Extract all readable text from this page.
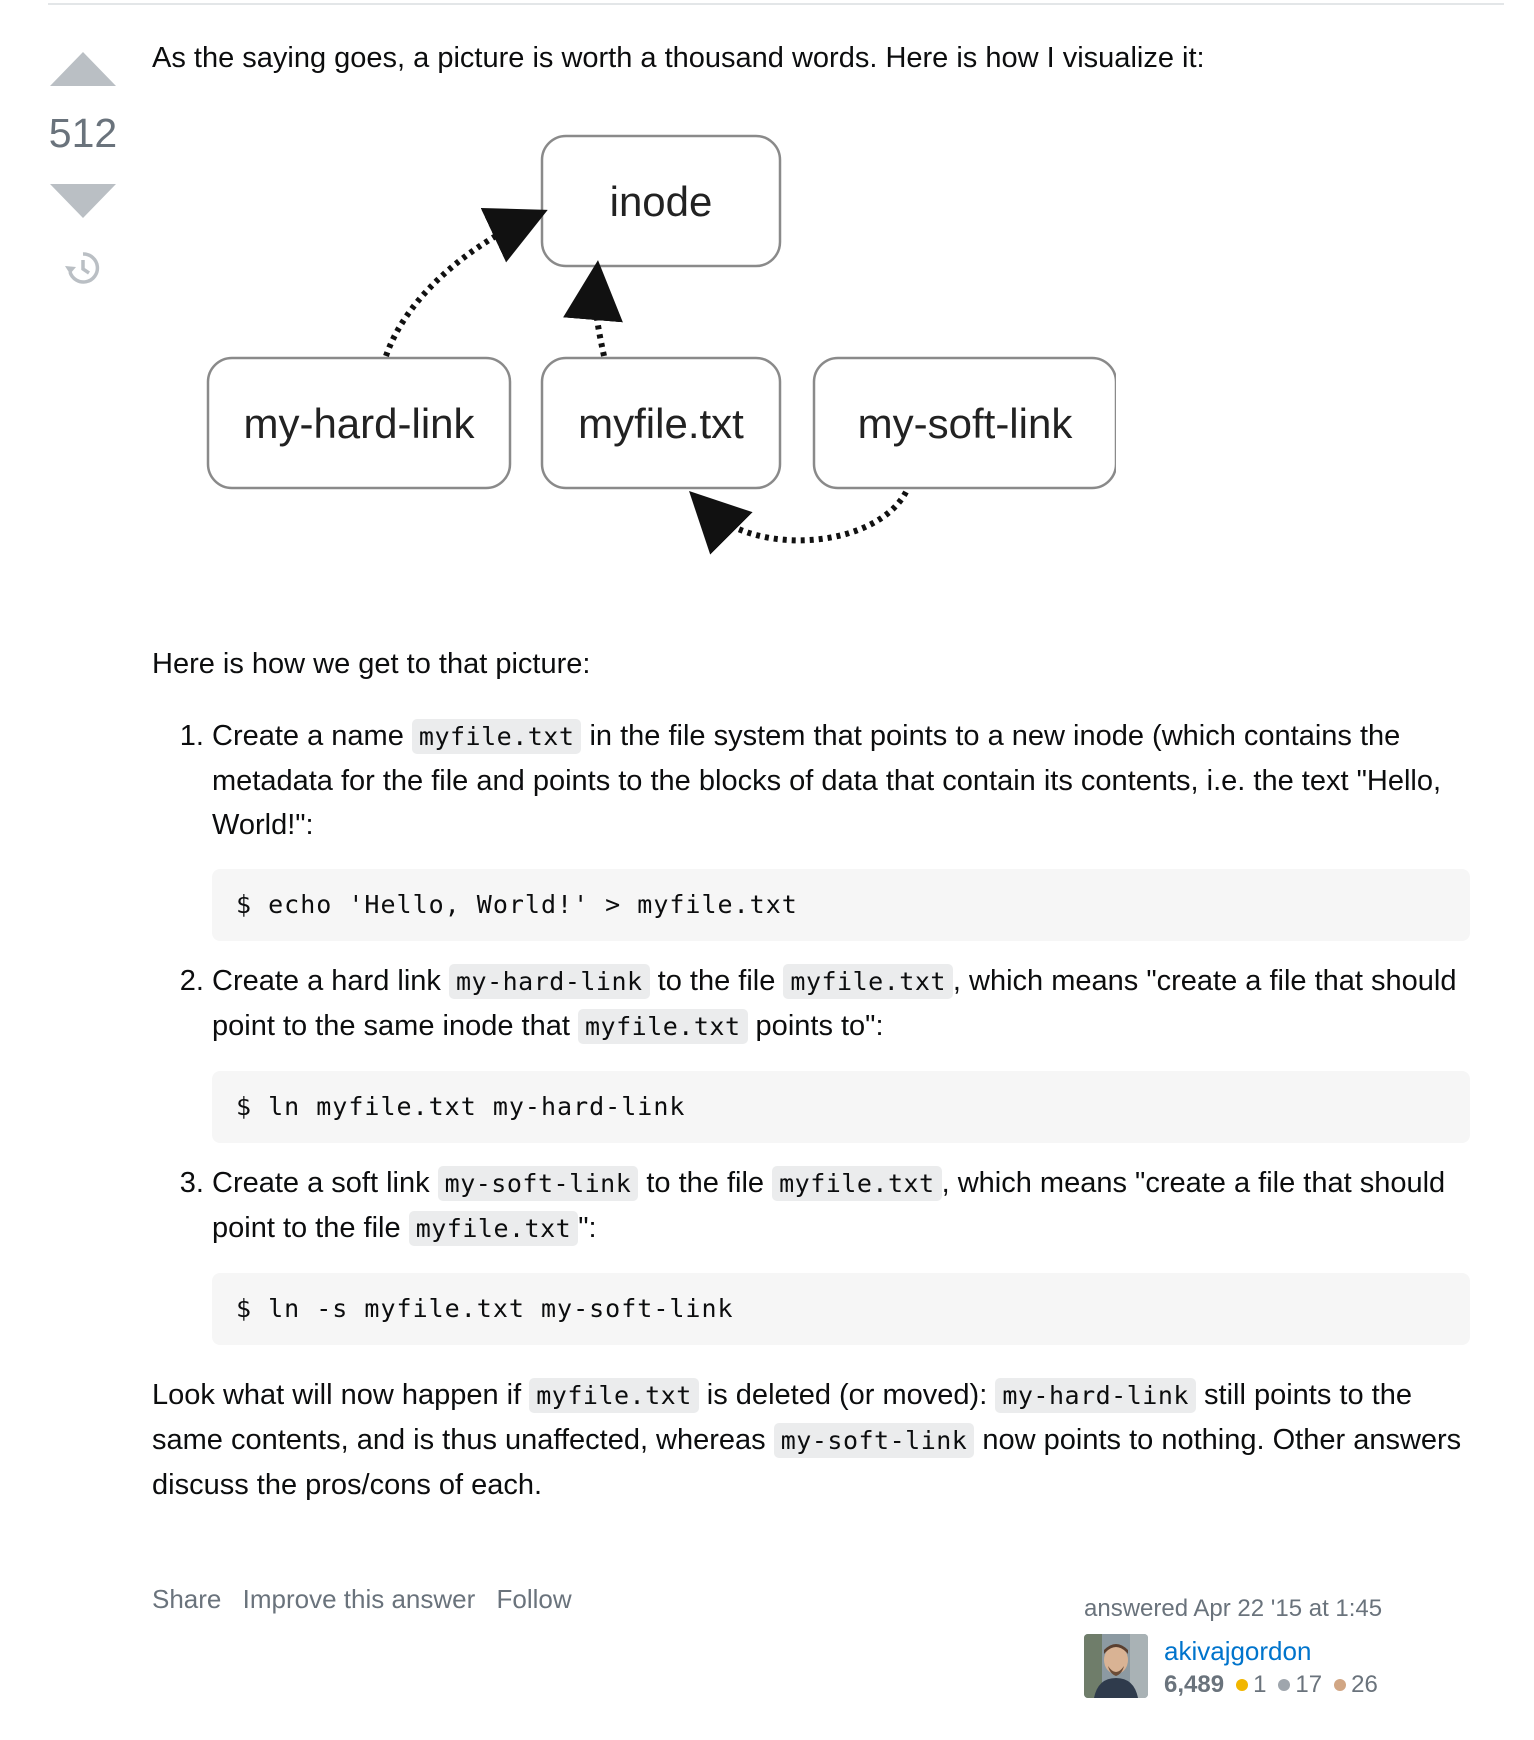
512

As the saying goes, a picture is worth a thousand words. Here is how I visualize it:

inode
my-hard-link myfile.txt	my-soft-link

Here is how we get to that picture:

1. Create a name myfile.txt in the file system that points to a new inode (which contains the metadata for the file and points to the blocks of data that contain its contents, i.e. the text "Hello, World!":
$ echo 'Hello, World!' > myfile.txt
2. Create a hard link my-hard-link to the file myfile.txt , which means "create a file that should point to the same inode that myfile.txt points to":
$ ln myfile.txt my-hard-link
3. Create a soft link my-soft-link to the file myfile.txt , which means "create a file that should point to the file myfile.txt ":
$ ln -s myfile.txt my-soft-link

Look what will now happen if myfile.txt is deleted (or moved): my-hard-link still points to the same contents, and is thus unaffected, whereas my-soft-link now points to nothing. Other answers discuss the pros/cons of each.

Share Improve this answer Follow	answered Apr 22 '15 at 1:45
akivajgordon
6,489 1 17 26
